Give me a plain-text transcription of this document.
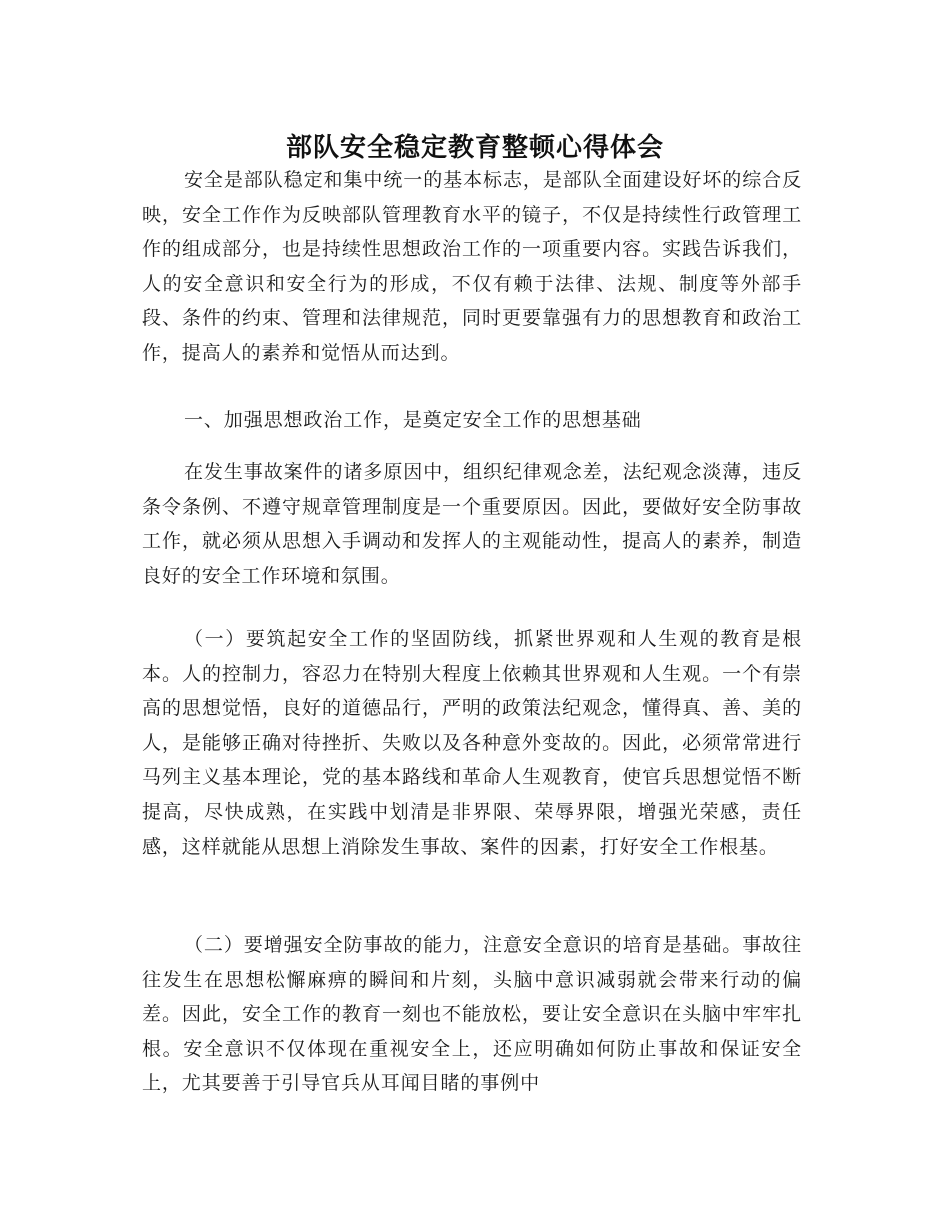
部队安全稳定教育整顿心得体会

安全是部队稳定和集中统一的基本标志，是部队全面建设好坏的综合反映，安全工作作为反映部队管理教育水平的镜子，不仅是持续性行政管理工作的组成部分，也是持续性思想政治工作的一项重要内容。实践告诉我们，人的安全意识和安全行为的形成，不仅有赖于法律、法规、制度等外部手段、条件的约束、管理和法律规范，同时更要靠强有力的思想教育和政治工作，提高人的素养和觉悟从而达到。

一、加强思想政治工作，是奠定安全工作的思想基础

在发生事故案件的诸多原因中，组织纪律观念差，法纪观念淡薄，违反条令条例、不遵守规章管理制度是一个重要原因。因此，要做好安全防事故工作，就必须从思想入手调动和发挥人的主观能动性，提高人的素养，制造良好的安全工作环境和氛围。

（一）要筑起安全工作的坚固防线，抓紧世界观和人生观的教育是根本。人的控制力，容忍力在特别大程度上依赖其世界观和人生观。一个有崇高的思想觉悟，良好的道德品行，严明的政策法纪观念，懂得真、善、美的人，是能够正确对待挫折、失败以及各种意外变故的。因此，必须常常进行马列主义基本理论，党的基本路线和革命人生观教育，使官兵思想觉悟不断提高，尽快成熟，在实践中划清是非界限、荣辱界限，增强光荣感，责任感，这样就能从思想上消除发生事故、案件的因素，打好安全工作根基。

（二）要增强安全防事故的能力，注意安全意识的培育是基础。事故往往发生在思想松懈麻痹的瞬间和片刻，头脑中意识减弱就会带来行动的偏差。因此，安全工作的教育一刻也不能放松，要让安全意识在头脑中牢牢扎根。安全意识不仅体现在重视安全上，还应明确如何防止事故和保证安全上，尤其要善于引导官兵从耳闻目睹的事例中
